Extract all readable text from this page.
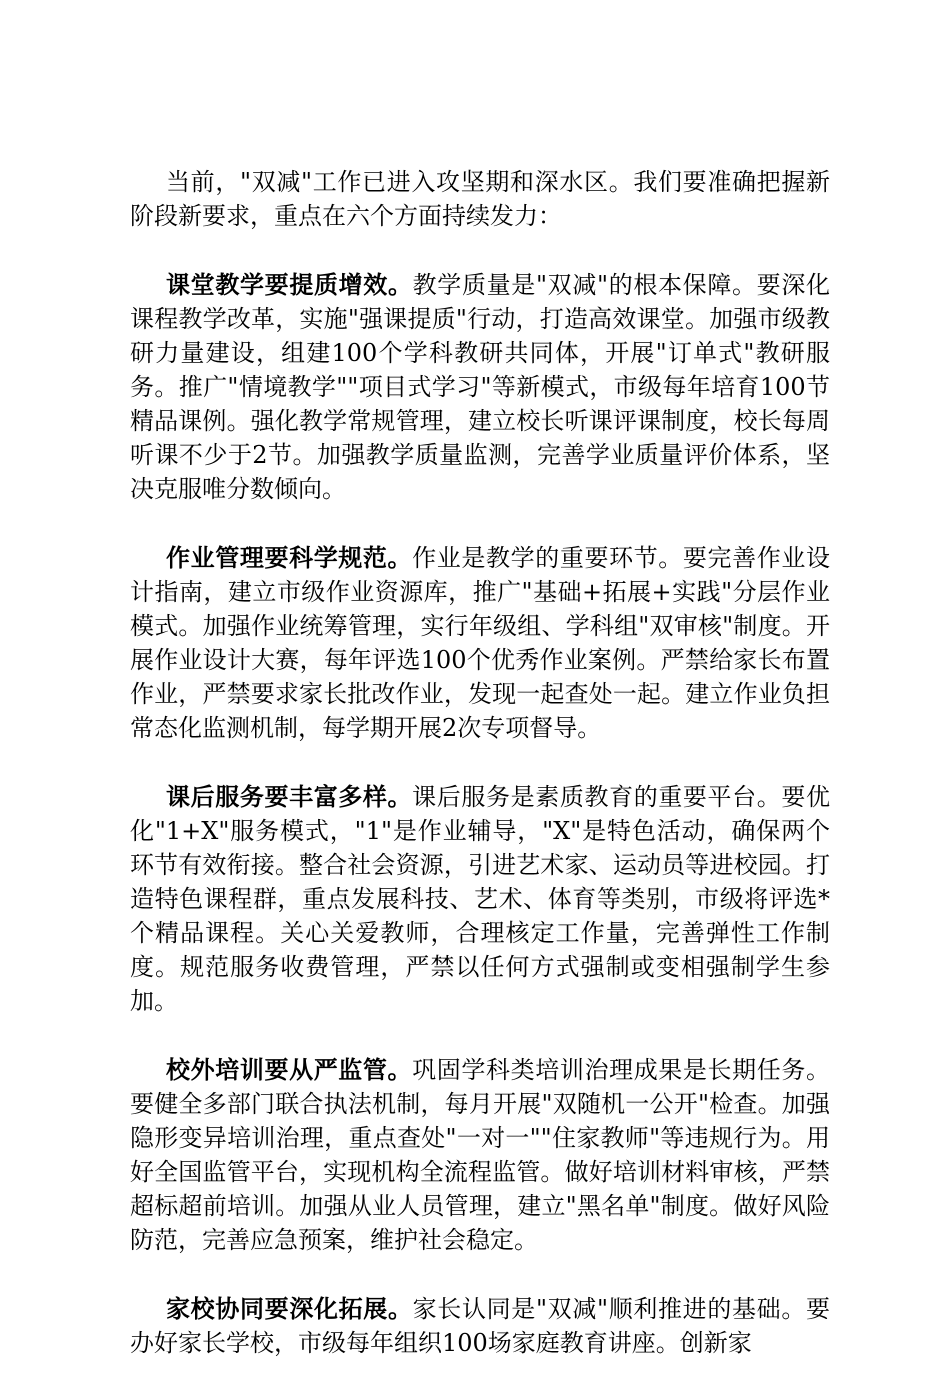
当前，"双减"工作已进入攻坚期和深水区。我们要准确把握新阶段新要求，重点在六个方面持续发力：

课堂教学要提质增效。教学质量是"双减"的根本保障。要深化课程教学改革，实施"强课提质"行动，打造高效课堂。加强市级教研力量建设，组建100个学科教研共同体，开展"订单式"教研服务。推广"情境教学""项目式学习"等新模式，市级每年培育100节精品课例。强化教学常规管理，建立校长听课评课制度，校长每周听课不少于2节。加强教学质量监测，完善学业质量评价体系，坚决克服唯分数倾向。

作业管理要科学规范。作业是教学的重要环节。要完善作业设计指南，建立市级作业资源库，推广"基础+拓展+实践"分层作业模式。加强作业统筹管理，实行年级组、学科组"双审核"制度。开展作业设计大赛，每年评选100个优秀作业案例。严禁给家长布置作业，严禁要求家长批改作业，发现一起查处一起。建立作业负担常态化监测机制，每学期开展2次专项督导。

课后服务要丰富多样。课后服务是素质教育的重要平台。要优化"1+X"服务模式，"1"是作业辅导，"X"是特色活动，确保两个环节有效衔接。整合社会资源，引进艺术家、运动员等进校园。打造特色课程群，重点发展科技、艺术、体育等类别，市级将评选*个精品课程。关心关爱教师，合理核定工作量，完善弹性工作制度。规范服务收费管理，严禁以任何方式强制或变相强制学生参加。

校外培训要从严监管。巩固学科类培训治理成果是长期任务。要健全多部门联合执法机制，每月开展"双随机一公开"检查。加强隐形变异培训治理，重点查处"一对一""住家教师"等违规行为。用好全国监管平台，实现机构全流程监管。做好培训材料审核，严禁超标超前培训。加强从业人员管理，建立"黑名单"制度。做好风险防范，完善应急预案，维护社会稳定。

家校协同要深化拓展。家长认同是"双减"顺利推进的基础。要办好家长学校，市级每年组织100场家庭教育讲座。创新家
